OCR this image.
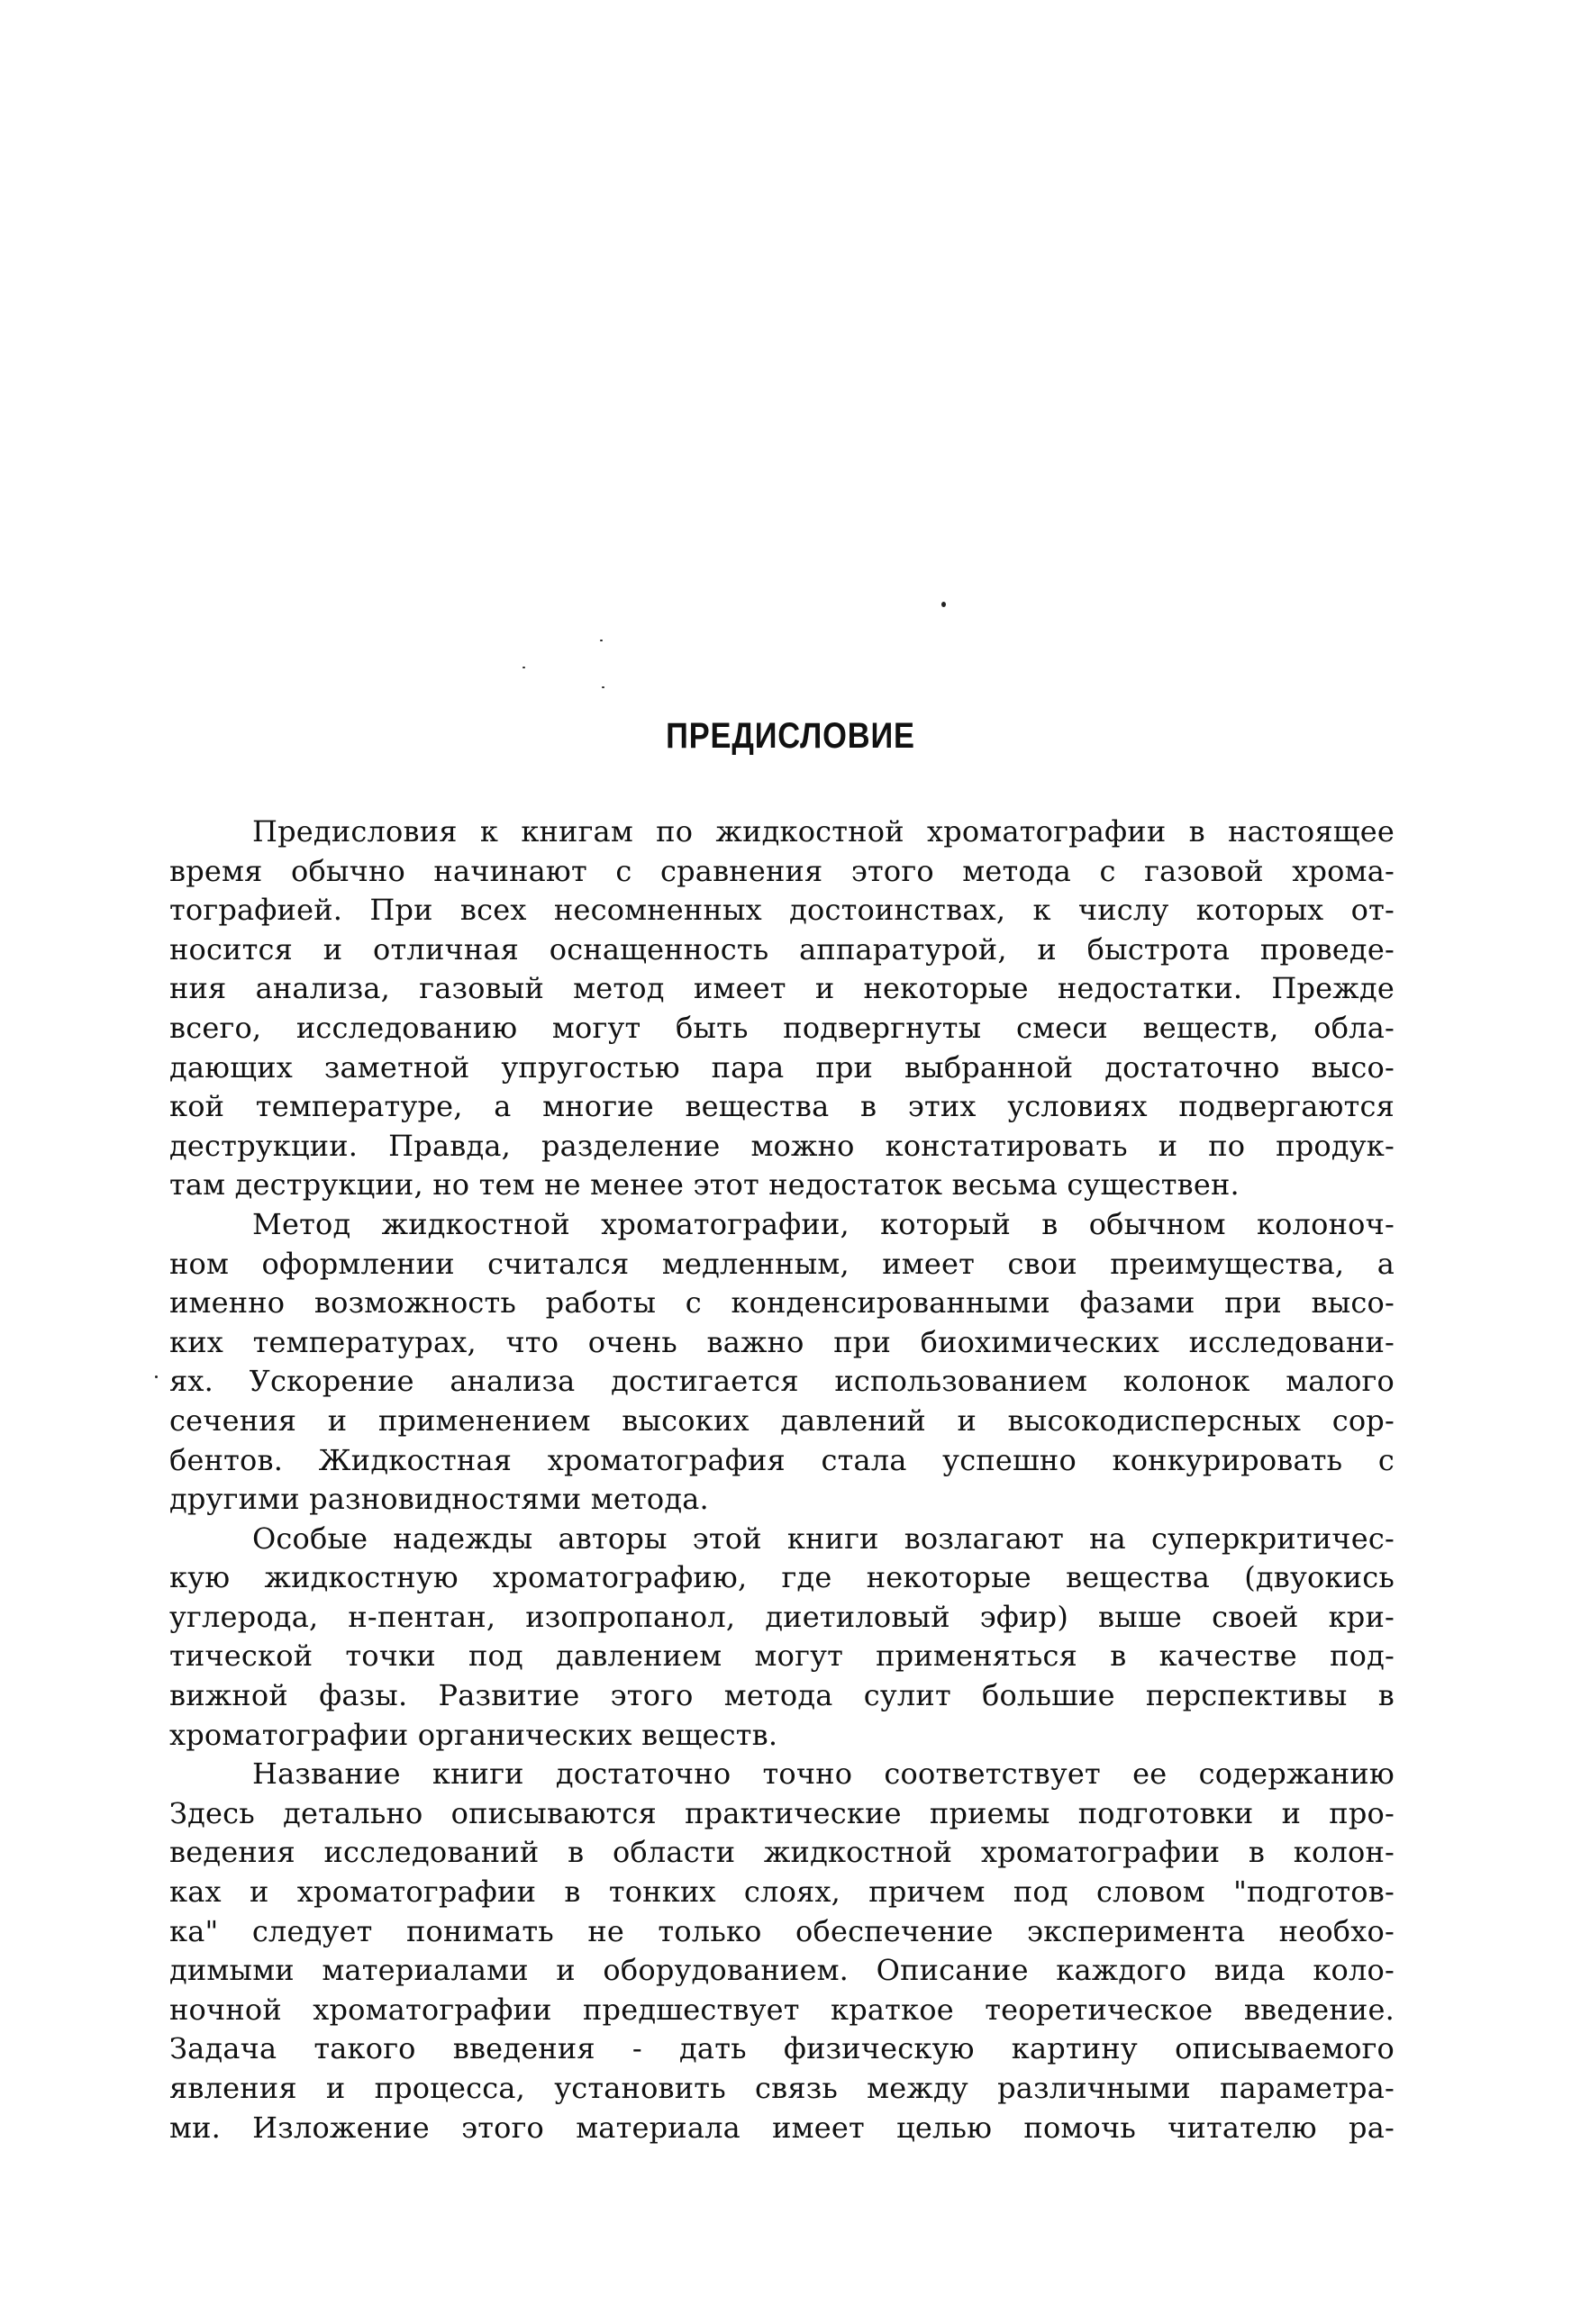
ПРЕДИСЛОВИЕ
Предисловия к книгам по жидкостной хроматографии в настоящее
время обычно начинают с сравнения этого метода с газовой хрома-
тографией. При всех несомненных достоинствах, к числу которых от-
носится и отличная оснащенность аппаратурой, и быстрота проведе-
ния анализа, газовый метод имеет и некоторые недостатки. Прежде
всего, исследованию могут быть подвергнуты смеси веществ, обла-
дающих заметной упругостью пара при выбранной достаточно высо-
кой температуре, а многие вещества в этих условиях подвергаются
деструкции. Правда, разделение можно констатировать и по продук-
там деструкции, но тем не менее этот недостаток весьма существен.
Метод жидкостной хроматографии, который в обычном колоноч-
ном оформлении считался медленным, имеет свои преимущества, а
именно возможность работы с конденсированными фазами при высо-
ких температурах, что очень важно при биохимических исследовани-
ях. Ускорение анализа достигается использованием колонок малого
сечения и применением высоких давлений и высокодисперсных сор-
бентов. Жидкостная хроматография стала успешно конкурировать с
другими разновидностями метода.
Особые надежды авторы этой книги возлагают на суперкритичес-
кую жидкостную хроматографию, где некоторые вещества (двуокись
углерода, н-пентан, изопропанол, диетиловый эфир) выше своей кри-
тической точки под давлением могут применяться в качестве под-
вижной фазы. Развитие этого метода сулит большие перспективы в
хроматографии органических веществ.
Название книги достаточно точно соответствует ее содержанию
Здесь детально описываются практические приемы подготовки и про-
ведения исследований в области жидкостной хроматографии в колон-
ках и хроматографии в тонких слоях, причем под словом "подготов-
ка" следует понимать не только обеспечение эксперимента необхо-
димыми материалами и оборудованием. Описание каждого вида коло-
ночной хроматографии предшествует краткое теоретическое введение.
Задача такого введения - дать физическую картину описываемого
явления и процесса, установить связь между различными параметра-
ми. Изложение этого материала имеет целью помочь читателю ра-
